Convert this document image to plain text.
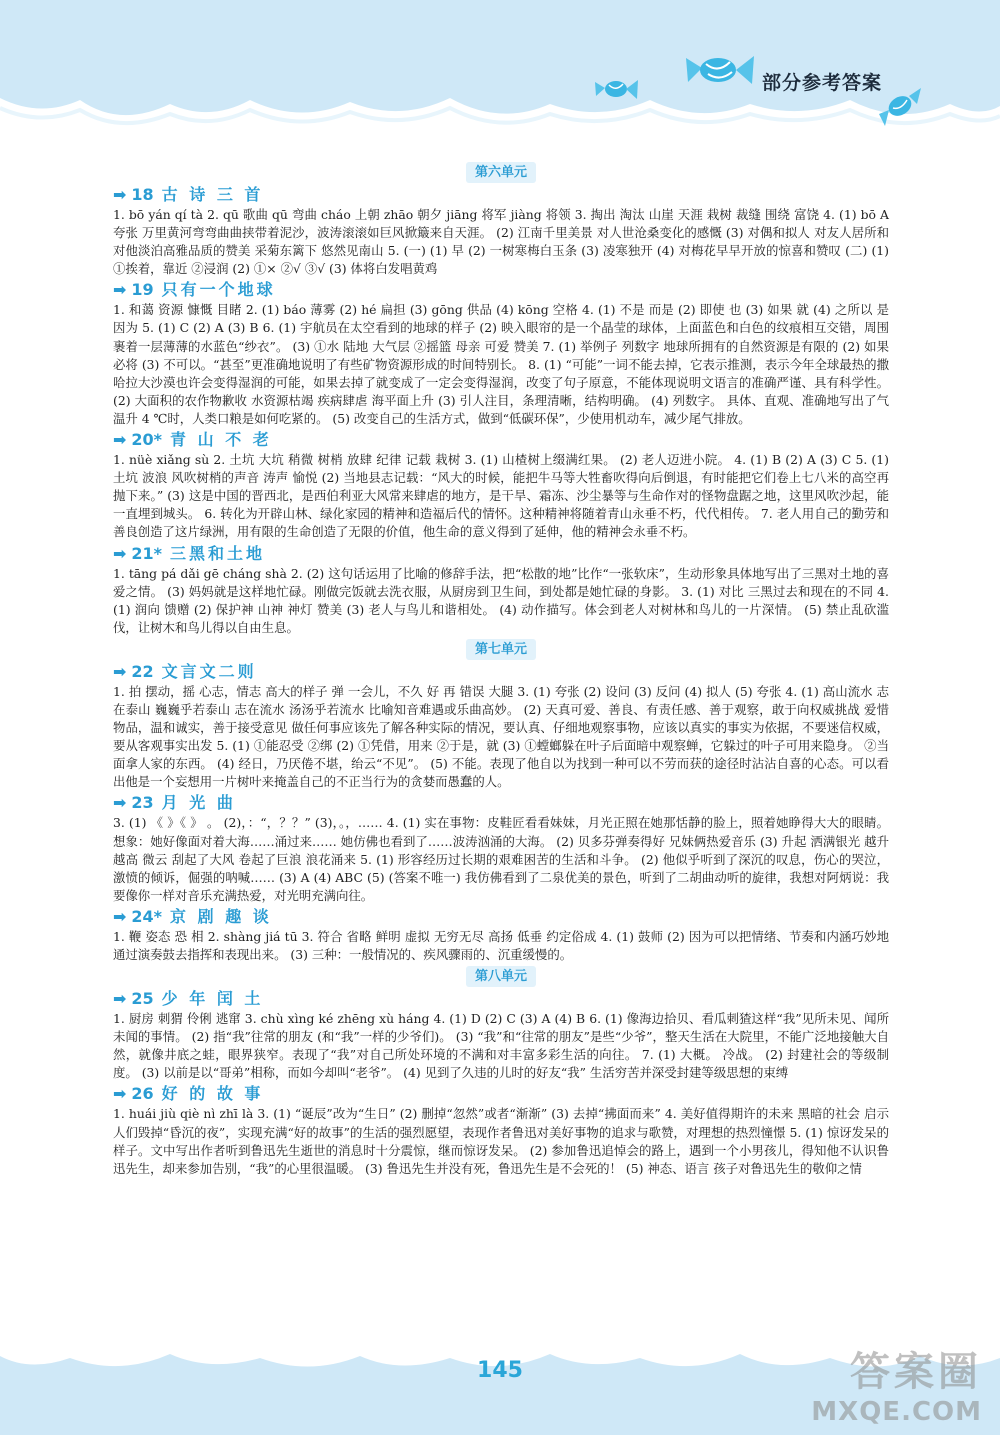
部分参考答案
第六单元
➡ 18 古 诗 三 首

1. bō yán qí tà 2. qū 歌曲 qū 弯曲 cháo 上朝 zhāo 朝夕 jiāng 将军 jiàng 将领 3. 掏出 淘汰 山崖 天涯 栽树 裁缝 围绕 富饶 4. (1) bō A 夸张 万里黄河弯弯曲曲挟带着泥沙，波涛滚滚如巨风掀簸来自天涯。 (2) 江南千里美景 对人世沧桑变化的感慨 (3) 对偶和拟人 对友人居所和对他淡泊高雅品质的赞美 采菊东篱下 悠然见南山 5. (一) (1) 早 (2) 一树寒梅白玉条 (3) 凌寒独开 (4) 对梅花早早开放的惊喜和赞叹 (二) (1) ①挨着，靠近 ②浸润 (2) ①× ②√ ③√ (3) 体将白发唱黄鸡

➡ 19 只有一个地球

1. 和蔼 资源 慷慨 目睹 2. (1) báo 薄雾 (2) hé 扁担 (3) gōng 供品 (4) kōng 空格 4. (1) 不是 而是 (2) 即使 也 (3) 如果 就 (4) 之所以 是 因为 5. (1) C (2) A (3) B 6. (1) 宇航员在太空看到的地球的样子 (2) 映入眼帘的是一个晶莹的球体，上面蓝色和白色的纹痕相互交错，周围裹着一层薄薄的水蓝色“纱衣”。 (3) ①水 陆地 大气层 ②摇篮 母亲 可爱 赞美 7. (1) 举例子 列数字 地球所拥有的自然资源是有限的 (2) 如果 必将 (3) 不可以。“甚至”更准确地说明了有些矿物资源形成的时间特别长。 8. (1) “可能”一词不能去掉，它表示推测，表示今年全球最热的撒哈拉大沙漠也许会变得湿润的可能，如果去掉了就变成了一定会变得湿润，改变了句子原意，不能体现说明文语言的准确严谨、具有科学性。 (2) 大面积的农作物歉收 水资源枯竭 疾病肆虐 海平面上升 (3) 引人注目，条理清晰，结构明确。 (4) 列数字。 具体、直观、准确地写出了气温升 4 ℃时，人类口粮是如何吃紧的。 (5) 改变自己的生活方式，做到“低碳环保”，少使用机动车，减少尾气排放。

➡ 20* 青 山 不 老

1. nüè xiǎng sù 2. 土坑 大坑 稍微 树梢 放肆 纪律 记载 栽树 3. (1) 山楂树上缀满红果。 (2) 老人迈进小院。 4. (1) B (2) A (3) C 5. (1) 土坑 波浪 风吹树梢的声音 涛声 愉悦 (2) 当地县志记载：“风大的时候，能把牛马等大牲畜吹得向后倒退，有时能把它们卷上七八米的高空再抛下来。” (3) 这是中国的晋西北，是西伯利亚大风常来肆虐的地方，是干旱、霜冻、沙尘暴等与生命作对的怪物盘踞之地，这里风吹沙起，能一直埋到城头。 6. 转化为开辟山林、绿化家园的精神和造福后代的情怀。这种精神将随着青山永垂不朽，代代相传。 7. 老人用自己的勤劳和善良创造了这片绿洲，用有限的生命创造了无限的价值，他生命的意义得到了延伸，他的精神会永垂不朽。

➡ 21* 三黑和土地

1. tāng pá dǎi gē cháng shà 2. (2) 这句话运用了比喻的修辞手法，把“松散的地”比作“一张软床”，生动形象具体地写出了三黑对土地的喜爱之情。 (3) 妈妈就是这样地忙碌。刚做完饭就去洗衣服，从厨房到卫生间，到处都是她忙碌的身影。 3. (1) 对比 三黑过去和现在的不同 4. (1) 润向 馈赠 (2) 保护神 山神 神灯 赞美 (3) 老人与鸟儿和谐相处。 (4) 动作描写。体会到老人对树林和鸟儿的一片深情。 (5) 禁止乱砍滥伐，让树木和鸟儿得以自由生息。

第七单元
➡ 22 文言文二则

1. 拍 摆动，摇 心志，情志 高大的样子 弹 一会儿，不久 好 再 错误 大腿 3. (1) 夸张 (2) 设问 (3) 反问 (4) 拟人 (5) 夸张 4. (1) 高山流水 志在泰山 巍巍乎若泰山 志在流水 汤汤乎若流水 比喻知音难遇或乐曲高妙。 (2) 天真可爱、善良、有责任感、善于观察，敢于向权威挑战 爱惜物品，温和诚实，善于接受意见 做任何事应该先了解各种实际的情况，要认真、仔细地观察事物，应该以真实的事实为依据，不要迷信权威，要从客观事实出发 5. (1) ①能忍受 ②绑 (2) ①凭借，用来 ②于是，就 (3) ①螳螂躲在叶子后面暗中观察蝉，它躲过的叶子可用来隐身。 ②当面拿人家的东西。 (4) 经日，乃厌倦不堪，绐云“不见”。 (5) 不能。表现了他自以为找到一种可以不劳而获的途径时沾沾自喜的心态。可以看出他是一个妄想用一片树叶来掩盖自己的不正当行为的贪婪而愚蠢的人。

➡ 23 月 光 曲

3. (1) 《 》《 》 。 (2)，：“，？？” (3)，。，…… 4. (1) 实在事物：皮鞋匠看看妹妹，月光正照在她那恬静的脸上，照着她睁得大大的眼睛。 想象：她好像面对着大海……涌过来…… 她仿佛也看到了……波涛汹涌的大海。 (2) 贝多芬弹奏得好 兄妹俩热爱音乐 (3) 升起 洒满银光 越升越高 微云 刮起了大风 卷起了巨浪 浪花涌来 5. (1) 形容经历过长期的艰难困苦的生活和斗争。 (2) 他似乎听到了深沉的叹息，伤心的哭泣，激愤的倾诉，倔强的呐喊…… (3) A (4) ABC (5) (答案不唯一) 我仿佛看到了二泉优美的景色，听到了二胡曲动听的旋律，我想对阿炳说：我要像你一样对音乐充满热爱，对光明充满向往。

➡ 24* 京 剧 趣 谈

1. 鞭 姿态 恐 相 2. shàng jiá tū 3. 符合 省略 鲜明 虚拟 无穷无尽 高扬 低垂 约定俗成 4. (1) 鼓师 (2) 因为可以把情绪、节奏和内涵巧妙地通过演奏鼓去指挥和表现出来。 (3) 三种：一般情况的、疾风骤雨的、沉重缓慢的。

第八单元
➡ 25 少 年 闰 土

1. 厨房 刺猬 伶俐 逃窜 3. chù xìng ké zhēng xù háng 4. (1) D (2) C (3) A (4) B 6. (1) 像海边拾贝、看瓜刺猹这样“我”见所未见、闻所未闻的事情。 (2) 指“我”往常的朋友 (和“我”一样的少爷们)。 (3) “我”和“往常的朋友”是些“少爷”，整天生活在大院里，不能广泛地接触大自然，就像井底之蛙，眼界狭窄。表现了“我”对自己所处环境的不满和对丰富多彩生活的向往。 7. (1) 大概。 冷战。 (2) 封建社会的等级制度。 (3) 以前是以“哥弟”相称，而如今却叫“老爷”。 (4) 见到了久违的儿时的好友“我” 生活穷苦并深受封建等级思想的束缚

➡ 26 好 的 故 事

1. huái jiù qiè nì zhī là 3. (1) “诞辰”改为“生日” (2) 删掉“忽然”或者“渐渐” (3) 去掉“拂面而来” 4. 美好值得期许的未来 黑暗的社会 启示人们毁掉“昏沉的夜”，实现充满“好的故事”的生活的强烈愿望，表现作者鲁迅对美好事物的追求与歌赞，对理想的热烈憧憬 5. (1) 惊讶发呆的样子。文中写出作者听到鲁迅先生逝世的消息时十分震惊，继而惊讶发呆。 (2) 参加鲁迅追悼会的路上，遇到一个小男孩儿，得知他不认识鲁迅先生，却来参加告别，“我”的心里很温暖。 (3) 鲁迅先生并没有死，鲁迅先生是不会死的！ (5) 神态、语言 孩子对鲁迅先生的敬仰之情

145	答案圈
MXQE.COM
